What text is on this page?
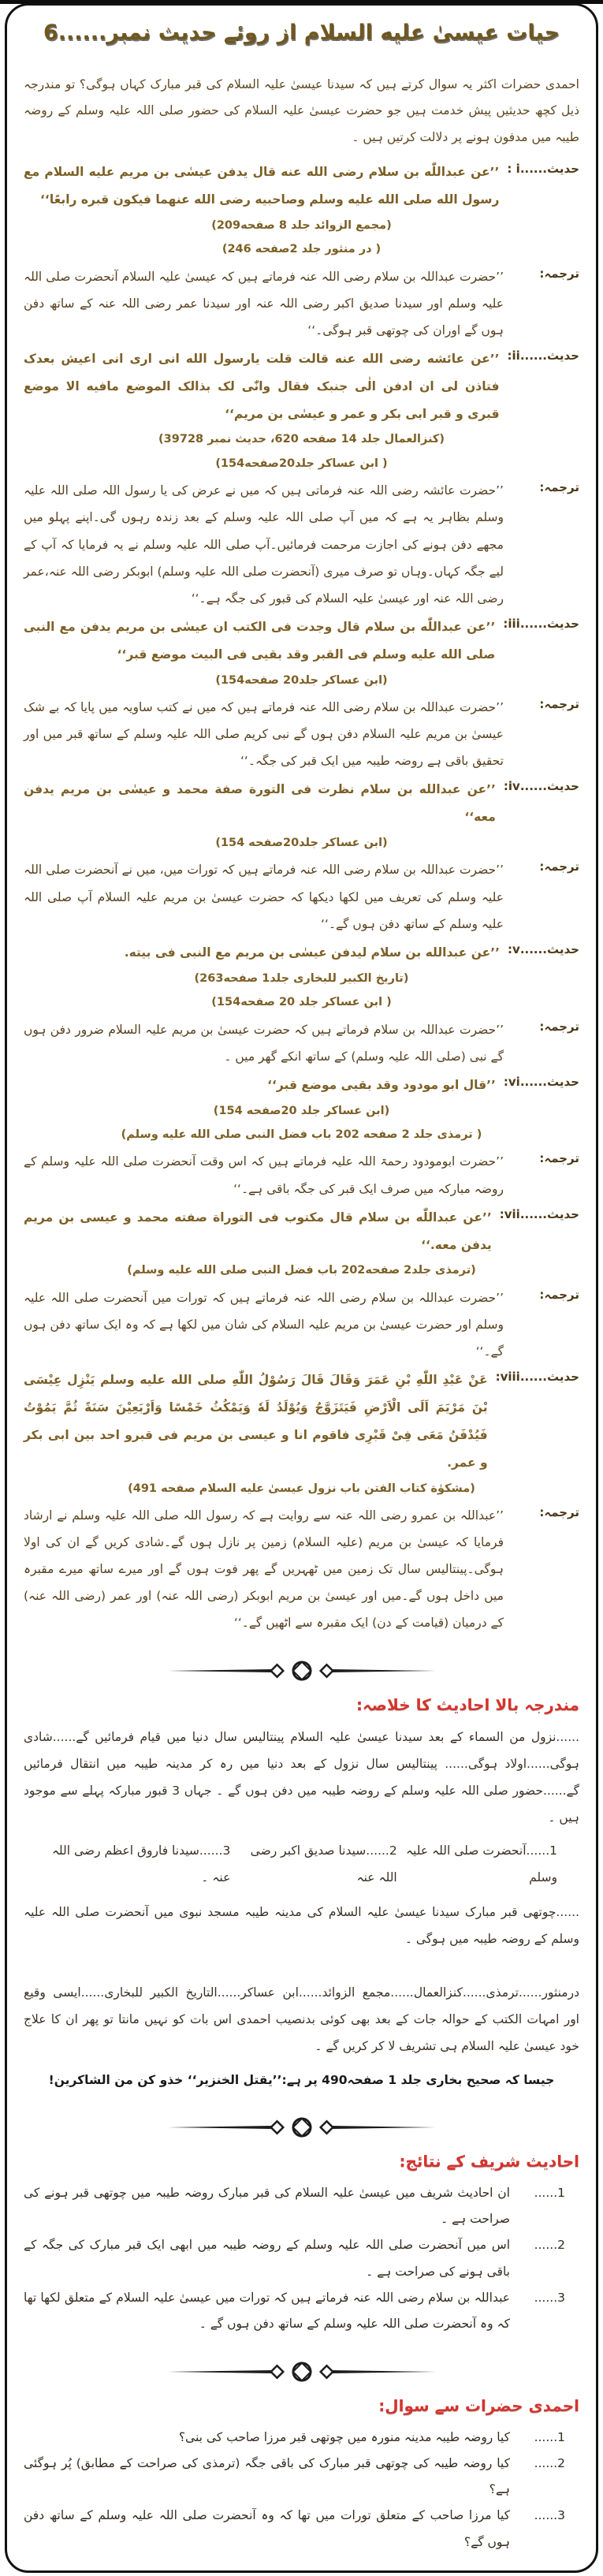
حيات عيسىٰ عليه السلام از روئے حديث نمبر......6
احمدی حضرات اکثر یہ سوال کرتے ہیں کہ سیدنا عیسیٰ علیہ السلام کی قبر مبارک کہاں ہوگی؟ تو مندرجہ ذیل کچھ حدیثیں پیش خدمت ہیں جو حضرت عیسیٰ علیہ السلام کی حضور صلی اللہ علیہ وسلم کے روضہ طیبہ میں مدفون ہونے پر دلالت کرتیں ہیں ۔
حدیث......i :
’’عن عبداللّٰه بن سلام رضی الله عنه قال یدفن عیسٰی بن مریم علیه السلام مع رسول الله صلی الله علیه وسلم وصاحبیه رضی الله عنهما فیکون قبره رابعًا‘‘
(مجمع الزوائد جلد 8 صفحه209)
( در منثور جلد 2صفحه 246)
ترجمہ:
’’حضرت عبداللہ بن سلام رضی اللہ عنہ فرماتے ہیں کہ عیسیٰ علیہ السلام آنحضرت صلی اللہ علیہ وسلم اور سیدنا صدیق اکبر رضی اللہ عنہ اور سیدنا عمر رضی اللہ عنہ کے ساتھ دفن ہوں گے اوران کی چوتھی قبر ہوگی۔‘‘
حدیث......ii:
’’عن عائشه رضی الله عنه قالت قلت یارسول الله انی اری انی اعیش بعدک فتاذن لی ان ادفن الٰی جنبک فقال وانّٰی لک بذالک الموضع مافیه الا موضع قبری و قبر ابی بکر و عمر و عیسٰی بن مریم‘‘
(کنزالعمال جلد 14 صفحه 620، حدیث نمبر 39728)
( ابن عساکر جلد20صفحه154)
ترجمہ:
’’حضرت عائشہ رضی اللہ عنہ فرماتی ہیں کہ میں نے عرض کی یا رسول اللہ صلی اللہ علیہ وسلم بظاہر یہ ہے کہ میں آپ صلی اللہ علیہ وسلم کے بعد زندہ رہوں گی۔اپنے پہلو میں مجھے دفن ہونے کی اجازت مرحمت فرمائیں۔آپ صلی اللہ علیہ وسلم نے یہ فرمایا کہ آپ کے لیے جگہ کہاں۔وہاں تو صرف میری (آنحضرت صلی اللہ علیہ وسلم) ابوبکر رضی اللہ عنہ،عمر رضی اللہ عنہ اور عیسیٰ علیہ السلام کی قبور کی جگہ ہے۔‘‘
حدیث......iii:
’’عن عبداللّٰه بن سلام قال وجدت فی الکتب ان عیسٰی بن مریم یدفن مع النبی صلی الله علیه وسلم فی القبر وقد بقیی فی البیت موضع قبر‘‘
(ابن عساکر جلد20 صفحه154)
ترجمہ:
’’حضرت عبداللہ بن سلام رضی اللہ عنہ فرماتے ہیں کہ میں نے کتب ساویہ میں پایا کہ بے شک عیسیٰ بن مریم علیہ السلام دفن ہوں گے نبی کریم صلی اللہ علیہ وسلم کے ساتھ قبر میں اور تحقیق باقی ہے روضہ طیبہ میں ایک قبر کی جگہ۔‘‘
حدیث......iv:
’’عن عبدالله بن سلام نظرت فی التورة صفة محمد و عیسٰی بن مریم یدفن معه‘‘
(ابن عساکر جلد20صفحه 154)
ترجمہ:
’’حضرت عبداللہ بن سلام رضی اللہ عنہ فرماتے ہیں کہ تورات میں، میں نے آنحضرت صلی اللہ علیہ وسلم کی تعریف میں لکھا دیکھا کہ حضرت عیسیٰ بن مریم علیہ السلام آپ صلی اللہ علیہ وسلم کے ساتھ دفن ہوں گے۔‘‘
حدیث......v:
’’عن عبدالله بن سلام لیدفن عیسٰی بن مریم مع النبی فی بیته.
(تاریخ الکبیر للبخاری جلد1 صفحه263)
( ابن عساکر جلد 20 صفحه154)
ترجمہ:
’’حضرت عبداللہ بن سلام فرماتے ہیں کہ حضرت عیسیٰ بن مریم علیہ السلام ضرور دفن ہوں گے نبی (صلی اللہ علیہ وسلم) کے ساتھ انکے گھر میں ۔
حدیث......vi:
’’قال ابو مودود وقد بقیی موضع قبر‘‘
(ابن عساکر جلد 20صفحه 154)
( ترمذی جلد 2 صفحه 202 باب فضل النبی صلی الله علیه وسلم)
ترجمہ:
’’حضرت ابومودود رحمۃ اللہ علیہ فرماتے ہیں کہ اس وقت آنحضرت صلی اللہ علیہ وسلم کے روضہ مبارکہ میں صرف ایک قبر کی جگہ باقی ہے۔‘‘
حدیث......vii:
’’عن عبداللّٰه بن سلام قال مکتوب فی التوراة صفته محمد و عیسی بن مریم یدفن معه.‘‘
(ترمذی جلد2 صفحه202 باب فضل النبی صلی الله علیه وسلم)
ترجمہ:
’’حضرت عبداللہ بن سلام رضی اللہ عنہ فرماتے ہیں کہ تورات میں آنحضرت صلی اللہ علیہ وسلم اور حضرت عیسیٰ بن مریم علیہ السلام کی شان میں لکھا ہے کہ وہ ایک ساتھ دفن ہوں گے۔‘‘
حدیث......viii:
عَنْ عَبْدِ اللّٰهِ بْنِ عَمَرَ وَقَالَ قَالَ رَسُوْلُ اللّٰهِ صلی الله علیه وسلم یَنْزِل عِیْسَی بْنَ مَرْیَمَ اَلَی الْاَرْضِ فَیَتَزَوَّجُ وَیُوْلَدُ لَهٗ وَیَمْکُثُ خَمْسًا وَاَرْبَعِیْنَ سَنَةً ثُمَّ یَمُوْتُ فَیُدْفَنُ مَعَی فِیْ قَبْرِی فاقوم انا و عیسی بن مریم فی قبرو احد بین ابی بکر و عمر.
(مشکوٰة کتاب الفتن باب نزول عیسیٰ علیه السلام صفحه 491)
ترجمہ:
’’عبداللہ بن عمرو رضی اللہ عنہ سے روایت ہے کہ رسول اللہ صلی اللہ علیہ وسلم نے ارشاد فرمایا کہ عیسیٰ بن مریم (علیہ السلام) زمین پر نازل ہوں گے۔شادی کریں گے ان کی اولا ہوگی۔پینتالیس سال تک زمین میں ٹھہریں گے پھر فوت ہوں گے اور میرے ساتھ میرے مقبرہ میں داخل ہوں گے۔میں اور عیسیٰ بن مریم ابوبکر (رضی اللہ عنہ) اور عمر (رضی اللہ عنہ) کے درمیان (قیامت کے دن) ایک مقبرہ سے اٹھیں گے۔‘‘
مندرجہ بالا احادیث کا خلاصہ:
......نزول من السماء کے بعد سیدنا عیسیٰ علیہ السلام پینتالیس سال دنیا میں قیام فرمائیں گے......شادی ہوگی......اولاد ہوگی...... پینتالیس سال نزول کے بعد دنیا میں رہ کر مدینہ طیبہ میں انتقال فرمائیں گے......حضور صلی اللہ علیہ وسلم کے روضہ طیبہ میں دفن ہوں گے ۔ جہاں 3 قبور مبارکہ پہلے سے موجود ہیں ۔
1......آنحضرت صلی اللہ علیہ وسلم
2......سیدنا صدیق اکبر رضی اللہ عنہ
3......سیدنا فاروق اعظم رضی اللہ عنہ ۔
......چوتھی قبر مبارک سیدنا عیسیٰ علیہ السلام کی مدینہ طیبہ مسجد نبوی میں آنحضرت صلی اللہ علیہ وسلم کے روضہ طیبہ میں ہوگی ۔
درمنثور......ترمذی......کنزالعمال......مجمع الزوائد......ابن عساکر......التاریخ الکبیر للبخاری......ایسی وقیع اور امہات الکتب کے حوالہ جات کے بعد بھی کوئی بدنصیب احمدی اس بات کو نہیں مانتا تو پھر ان کا علاج خود عیسیٰ علیہ السلام ہی تشریف لا کر کریں گے ۔
جیسا کہ صحیح بخاری جلد 1 صفحہ490 پر ہے:’’یقتل الخنزیر‘‘ خذو کن من الشاکرین!
احادیث شریف کے نتائج:
1......
ان احادیث شریف میں عیسیٰ علیہ السلام کی قبر مبارک روضہ طیبہ میں چوتھی قبر ہونے کی صراحت ہے ۔
2......
اس میں آنحضرت صلی اللہ علیہ وسلم کے روضہ طیبہ میں ابھی ایک قبر مبارک کی جگہ کے باقی ہونے کی صراحت ہے ۔
3......
عبداللہ بن سلام رضی اللہ عنہ فرماتے ہیں کہ تورات میں عیسیٰ علیہ السلام کے متعلق لکھا تھا کہ وہ آنحضرت صلی اللہ علیہ وسلم کے ساتھ دفن ہوں گے ۔
احمدی حضرات سے سوال:
1......
کیا روضہ طیبہ مدینہ منورہ میں چوتھی قبر مرزا صاحب کی بنی؟
2......
کیا روضہ طیبہ کی چوتھی قبر مبارک کی باقی جگہ (ترمذی کی صراحت کے مطابق) پُر ہوگئی ہے؟
3......
کیا مرزا صاحب کے متعلق تورات میں تھا کہ وہ آنحضرت صلی اللہ علیہ وسلم کے ساتھ دفن ہوں گے؟
